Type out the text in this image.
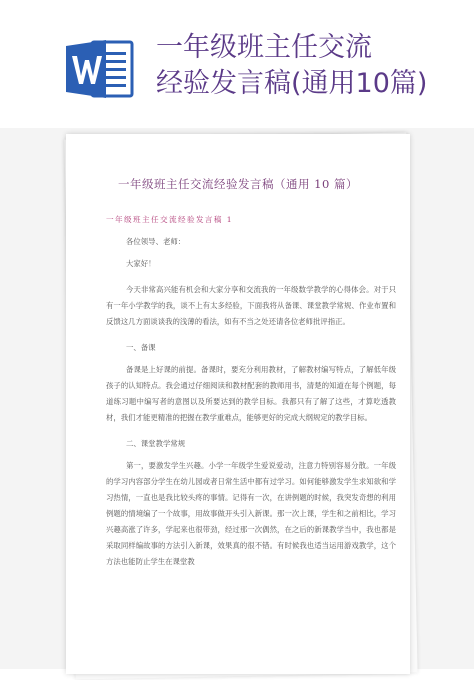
一年级班主任交流
经验发言稿(通用10篇)
一年级班主任交流经验发言稿（通用 10 篇）
一年级班主任交流经验发言稿 1

各位领导、老师：

大家好！

今天非常高兴能有机会和大家分享和交流我的一年级数学教学的心得体会。对于只有一年小学教学的我，谈不上有太多经验，下面我将从备课、课堂教学常规、作业布置和反馈这几方面谈谈我的浅薄的看法，如有不当之处还请各位老师批评指正。

一、备课

备课是上好课的前提。备课时，要充分利用教材，了解教材编写特点，了解低年级孩子的认知特点。我会通过仔细阅读和教材配套的教师用书，清楚的知道在每个例题，每道练习题中编写者的意图以及所要达到的教学目标。我都只有了解了这些，才算吃透教材，我们才能更精准的把握在教学重难点，能够更好的完成大纲规定的教学目标。

二、课堂教学常规

第一，要激发学生兴趣。小学一年级学生爱说爱动，注意力特别容易分散。一年级的学习内容部分学生在幼儿园或者日常生活中都有过学习。如何能够激发学生求知欲和学习热情，一直也是我比较头疼的事情。记得有一次，在讲例题的时候，我突发奇想的利用例题的情境编了一个故事，用故事做开头引入新课。那一次上课，学生和之前相比，学习兴趣高涨了许多，学起来也很带劲，经过那一次偶然，在之后的新课教学当中，我也都是采取同样编故事的方法引入新课，效果真的很不错。有时候我也适当运用游戏教学，这个方法也能防止学生在课堂教
